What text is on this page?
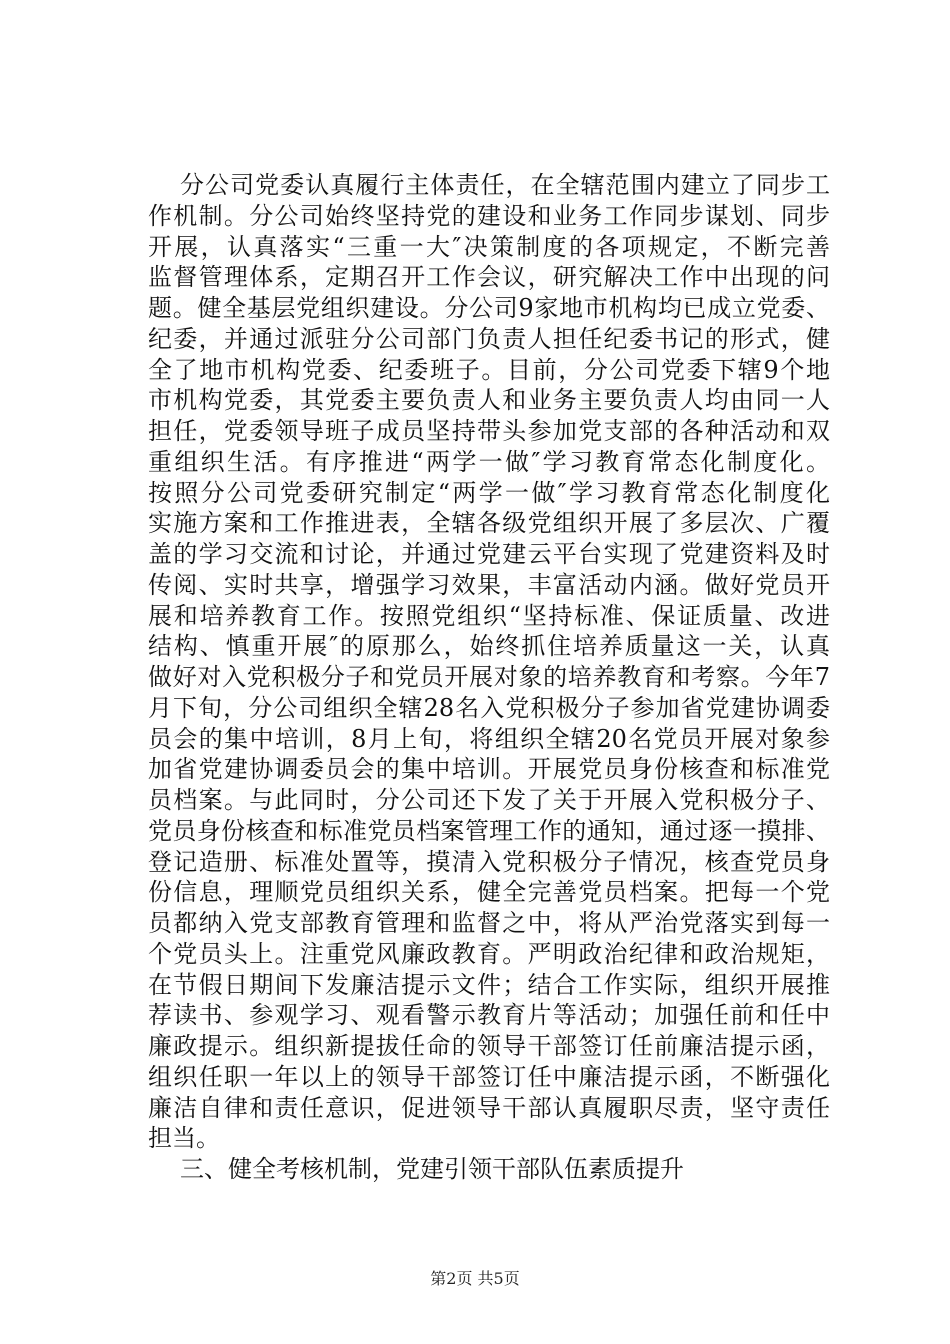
分公司党委认真履行主体责任，在全辖范围内建立了同步工
作机制。分公司始终坚持党的建设和业务工作同步谋划、同步
开展，认真落实“三重一大″决策制度的各项规定，不断完善
监督管理体系，定期召开工作会议，研究解决工作中出现的问
题。健全基层党组织建设。分公司9家地市机构均已成立党委、
纪委，并通过派驻分公司部门负责人担任纪委书记的形式，健
全了地市机构党委、纪委班子。目前，分公司党委下辖9个地
市机构党委，其党委主要负责人和业务主要负责人均由同一人
担任，党委领导班子成员坚持带头参加党支部的各种活动和双
重组织生活。有序推进“两学一做″学习教育常态化制度化。
按照分公司党委研究制定“两学一做″学习教育常态化制度化
实施方案和工作推进表，全辖各级党组织开展了多层次、广覆
盖的学习交流和讨论，并通过党建云平台实现了党建资料及时
传阅、实时共享，增强学习效果，丰富活动内涵。做好党员开
展和培养教育工作。按照党组织“坚持标准、保证质量、改进
结构、慎重开展″的原那么，始终抓住培养质量这一关，认真
做好对入党积极分子和党员开展对象的培养教育和考察。今年7
月下旬，分公司组织全辖28名入党积极分子参加省党建协调委
员会的集中培训，8月上旬，将组织全辖20名党员开展对象参
加省党建协调委员会的集中培训。开展党员身份核查和标准党
员档案。与此同时，分公司还下发了关于开展入党积极分子、
党员身份核查和标准党员档案管理工作的通知，通过逐一摸排、
登记造册、标准处置等，摸清入党积极分子情况，核查党员身
份信息，理顺党员组织关系，健全完善党员档案。把每一个党
员都纳入党支部教育管理和监督之中，将从严治党落实到每一
个党员头上。注重党风廉政教育。严明政治纪律和政治规矩，
在节假日期间下发廉洁提示文件；结合工作实际，组织开展推
荐读书、参观学习、观看警示教育片等活动；加强任前和任中
廉政提示。组织新提拔任命的领导干部签订任前廉洁提示函，
组织任职一年以上的领导干部签订任中廉洁提示函，不断强化
廉洁自律和责任意识，促进领导干部认真履职尽责，坚守责任
担当。
三、健全考核机制，党建引领干部队伍素质提升
第2页 共5页
